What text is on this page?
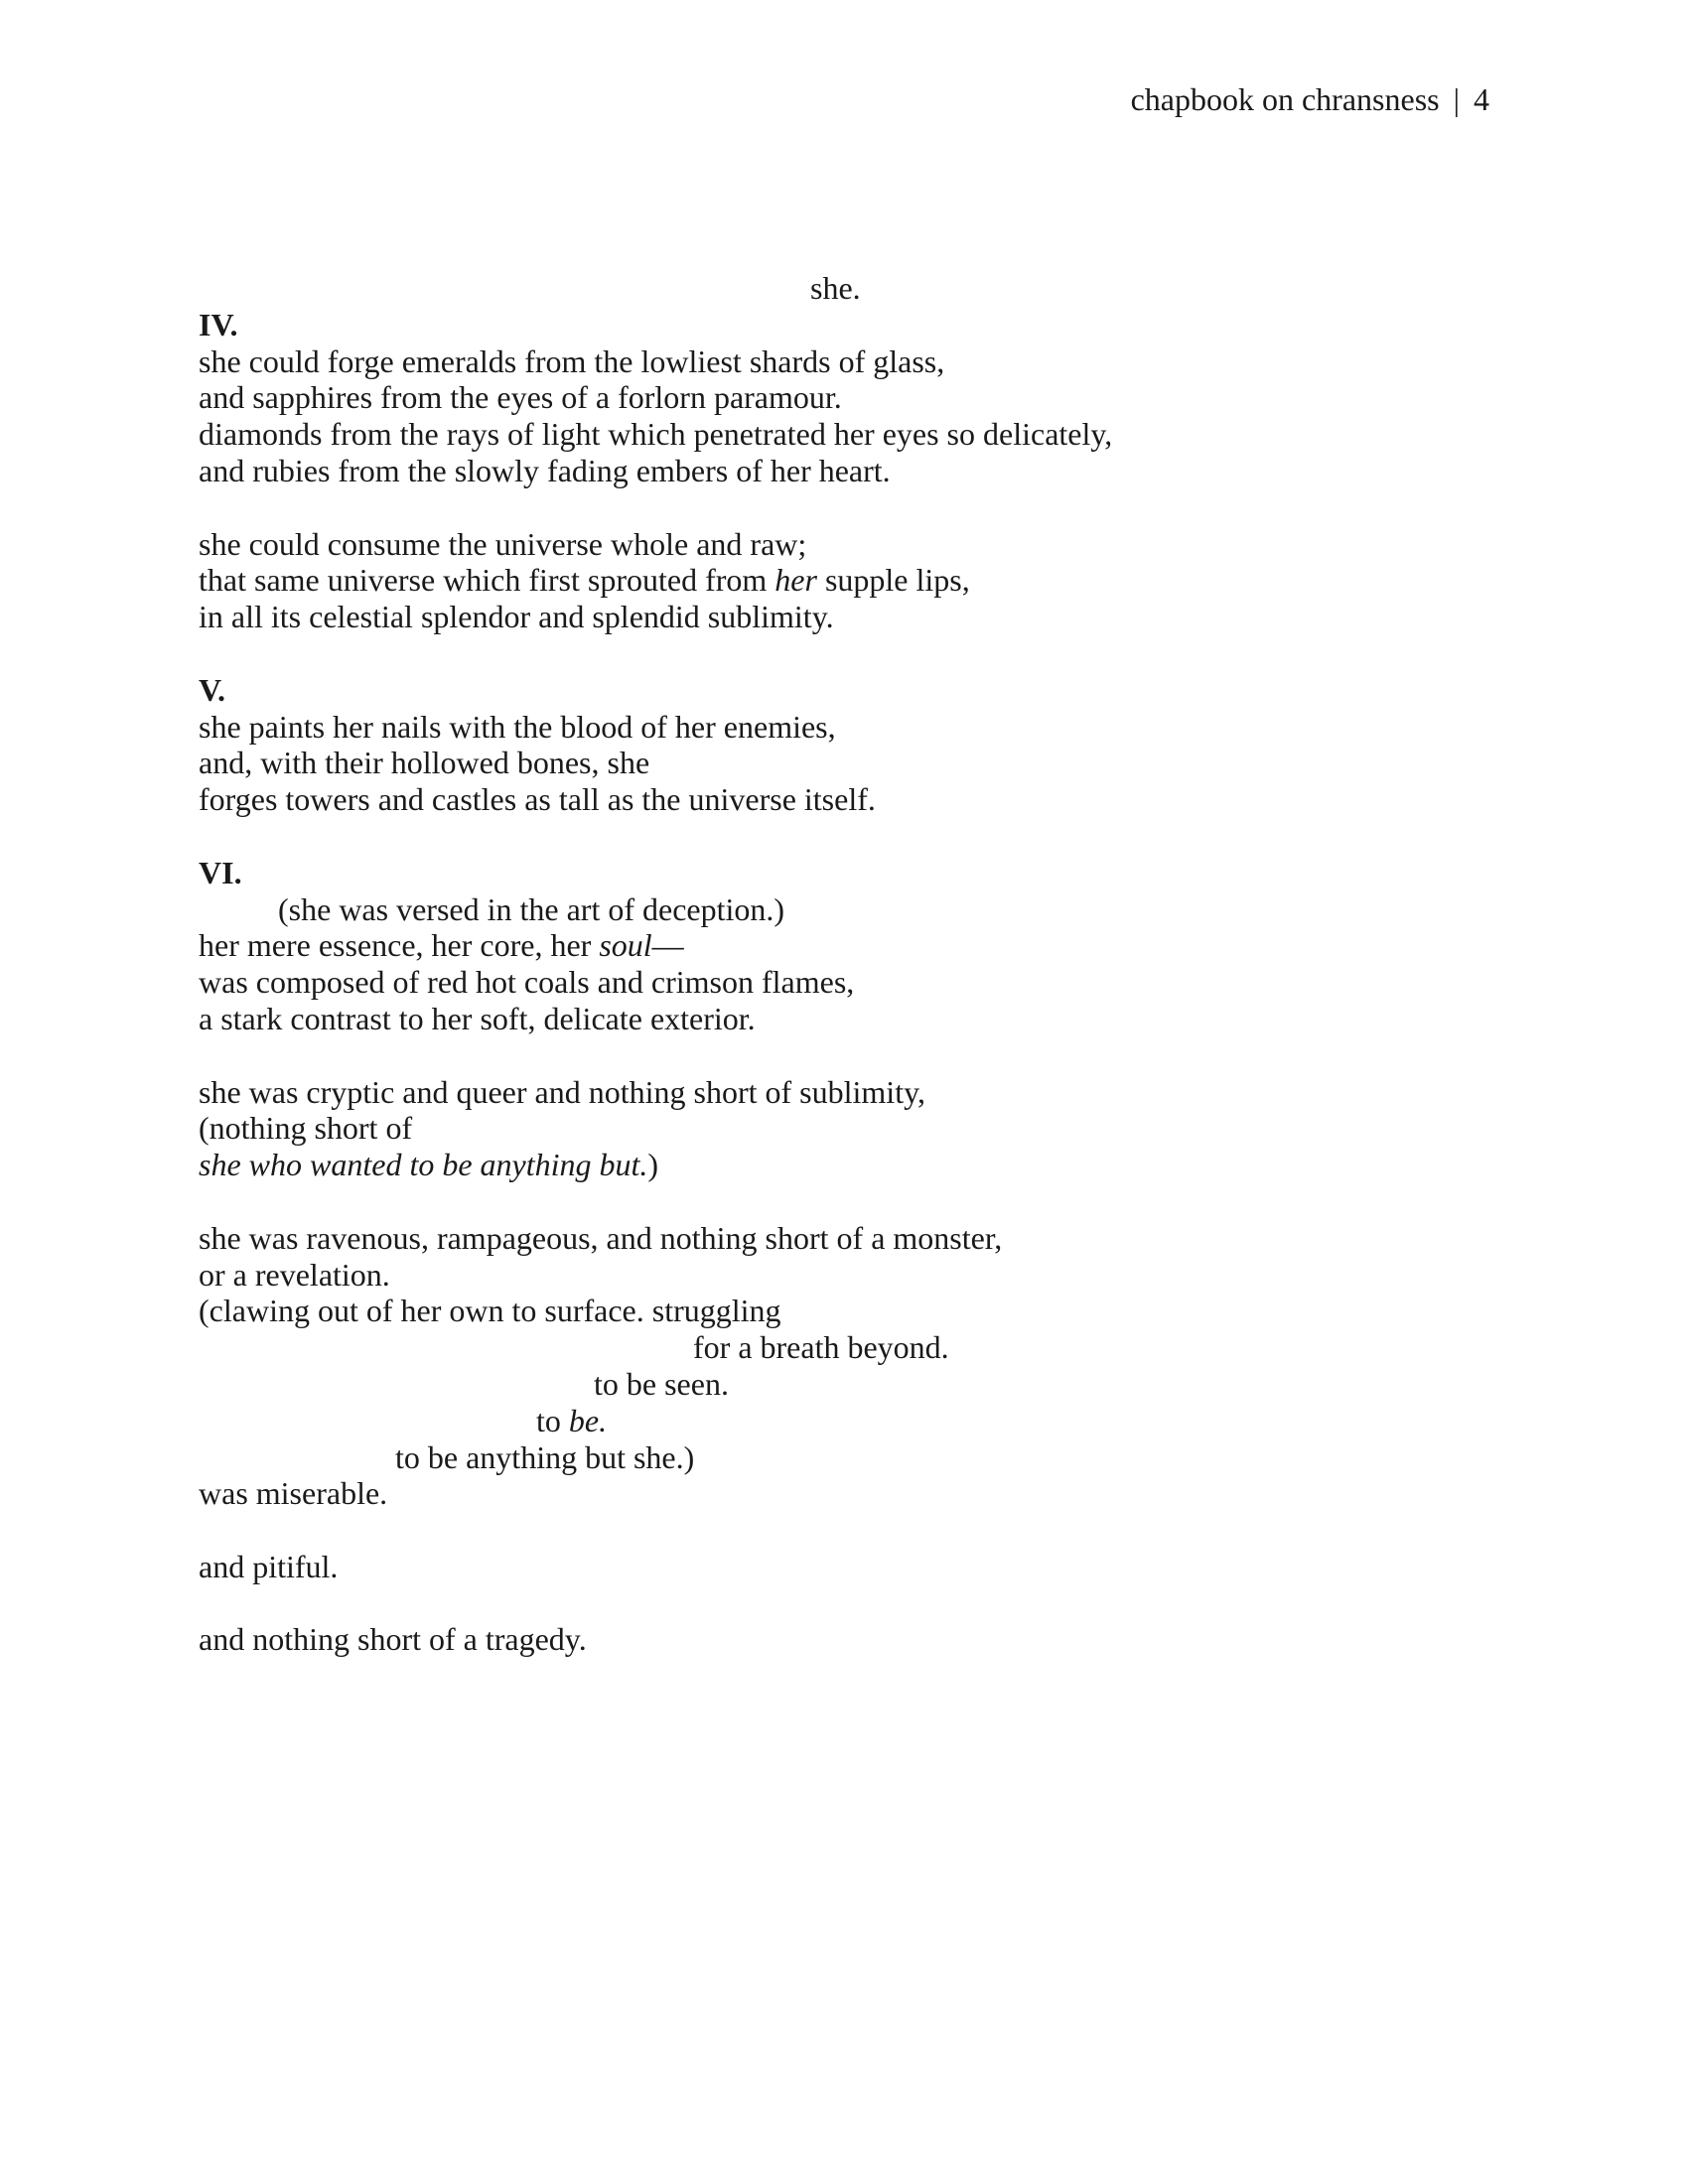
chapbook on chransness | 4
she.
IV.
she could forge emeralds from the lowliest shards of glass,
and sapphires from the eyes of a forlorn paramour.
diamonds from the rays of light which penetrated her eyes so delicately,
and rubies from the slowly fading embers of her heart.
she could consume the universe whole and raw;
that same universe which first sprouted from her supple lips,
in all its celestial splendor and splendid sublimity.
V.
she paints her nails with the blood of her enemies,
and, with their hollowed bones, she
forges towers and castles as tall as the universe itself.
VI.
(she was versed in the art of deception.)
her mere essence, her core, her soul—
was composed of red hot coals and crimson flames,
a stark contrast to her soft, delicate exterior.
she was cryptic and queer and nothing short of sublimity,
(nothing short of
she who wanted to be anything but.)
she was ravenous, rampageous, and nothing short of a monster,
or a revelation.
(clawing out of her own to surface. struggling
for a breath beyond.
to be seen.
to be.
to be anything but she.)
was miserable.
and pitiful.
and nothing short of a tragedy.
